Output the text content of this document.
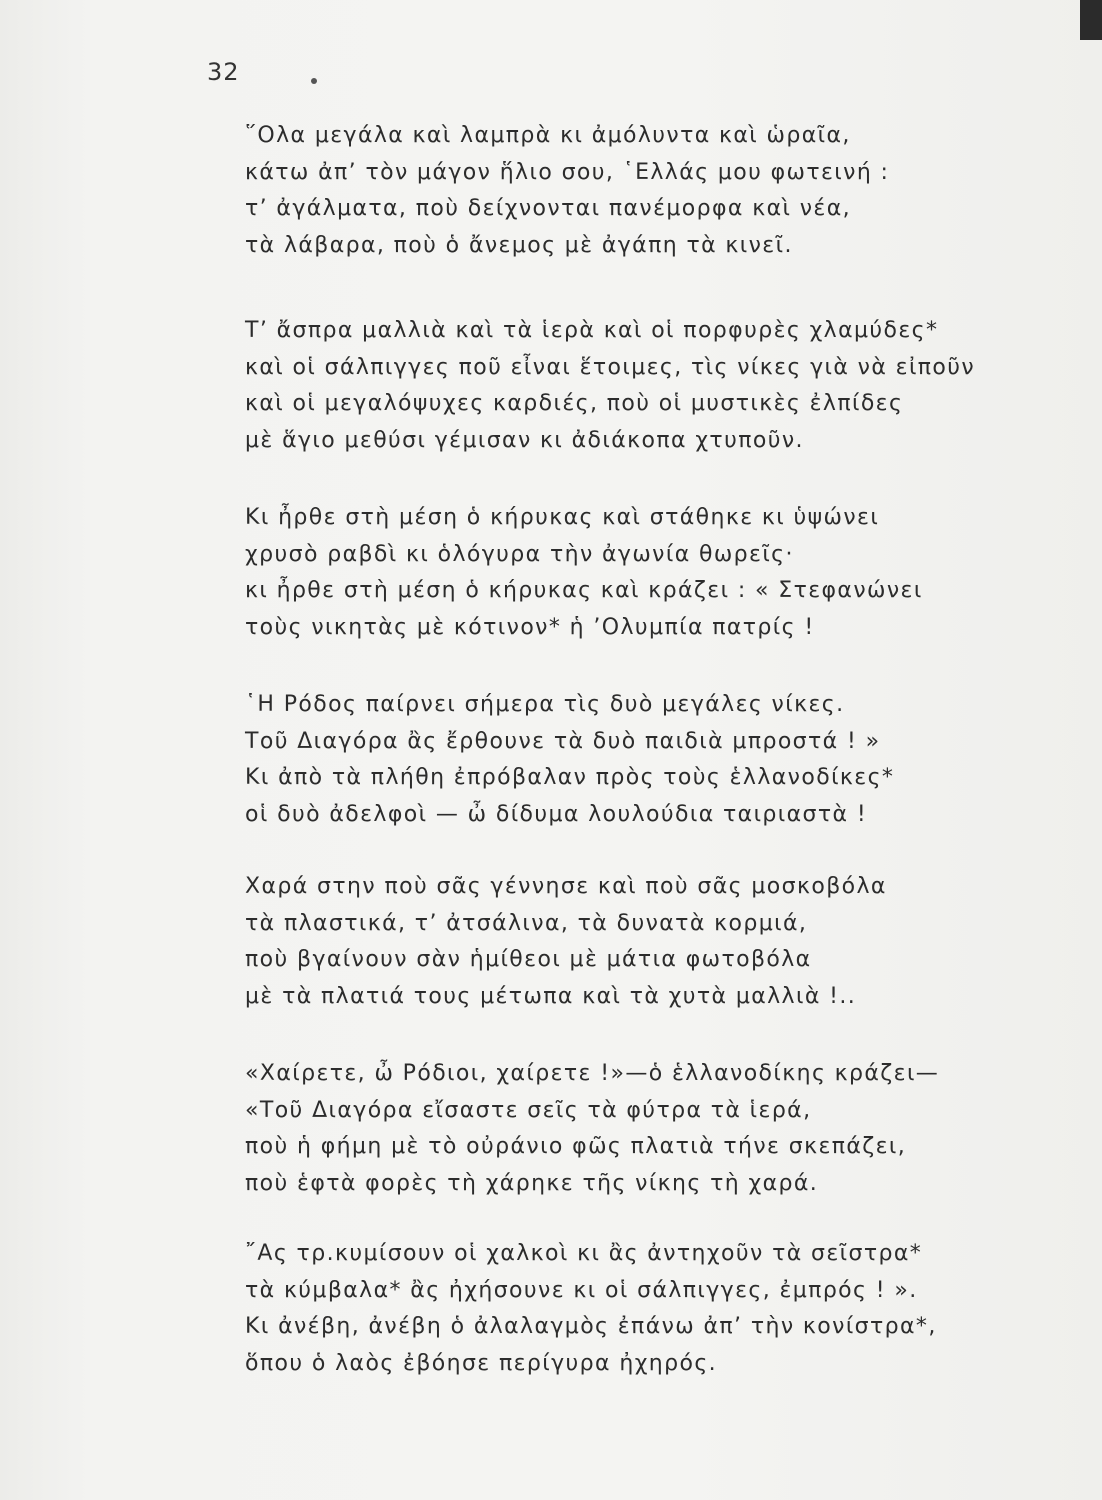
32
῞Ολα μεγάλα καὶ λαμπρὰ κι ἀμόλυντα καὶ ὡραῖα,
κάτω ἀπ’ τὸν μάγον ἥλιο σου, ῾Ελλάς μου φωτεινή :
τ’ ἀγάλματα, ποὺ δείχνονται πανέμορφα καὶ νέα,
τὰ λάβαρα, ποὺ ὁ ἄνεμος μὲ ἀγάπη τὰ κινεῖ.
Τ’ ἄσπρα μαλλιὰ καὶ τὰ ἱερὰ καὶ οἱ πορφυρὲς χλαμύδες*
καὶ οἱ σάλπιγγες ποῦ εἶναι ἕτοιμες, τὶς νίκες γιὰ νὰ εἰποῦν
καὶ οἱ μεγαλόψυχες καρδιές, ποὺ οἱ μυστικὲς ἐλπίδες
μὲ ἅγιο μεθύσι γέμισαν κι ἀδιάκοπα χτυποῦν.
Κι ἦρθε στὴ μέση ὁ κήρυκας καὶ στάθηκε κι ὑψώνει
χρυσὸ ραβδὶ κι ὁλόγυρα τὴν ἀγωνία θωρεῖς·
κι ἦρθε στὴ μέση ὁ κήρυκας καὶ κράζει : « Στεφανώνει
τοὺς νικητὰς μὲ κότινον* ἡ ’Ολυμπία πατρίς !
῾Η Ρόδος παίρνει σήμερα τὶς δυὸ μεγάλες νίκες.
Τοῦ Διαγόρα ἂς ἔρθουνε τὰ δυὸ παιδιὰ μπροστά ! »
Κι ἀπὸ τὰ πλήθη ἐπρόβαλαν πρὸς τοὺς ἑλλανοδίκες*
οἱ δυὸ ἀδελφοὶ — ὦ δίδυμα λουλούδια ταιριαστὰ !
Χαρά στην ποὺ σᾶς γέννησε καὶ ποὺ σᾶς μοσκοβόλα
τὰ πλαστικά, τ’ ἀτσάλινα, τὰ δυνατὰ κορμιά,
ποὺ βγαίνουν σὰν ἡμίθεοι μὲ μάτια φωτοβόλα
μὲ τὰ πλατιά τους μέτωπα καὶ τὰ χυτὰ μαλλιὰ !..
«Χαίρετε, ὦ Ρόδιοι, χαίρετε !»—ὁ ἑλλανοδίκης κράζει—
«Τοῦ Διαγόρα εἴσαστε σεῖς τὰ φύτρα τὰ ἱερά,
ποὺ ἡ φήμη μὲ τὸ οὐράνιο φῶς πλατιὰ τήνε σκεπάζει,
ποὺ ἑφτὰ φορὲς τὴ χάρηκε τῆς νίκης τὴ χαρά.
῎Ας τρ.κυμίσουν οἱ χαλκοὶ κι ἂς ἀντηχοῦν τὰ σεῖστρα*
τὰ κύμβαλα* ἂς ἠχήσουνε κι οἱ σάλπιγγες, ἐμπρός ! ».
Κι ἀνέβη, ἀνέβη ὁ ἀλαλαγμὸς ἐπάνω ἀπ’ τὴν κονίστρα*,
ὅπου ὁ λαὸς ἐβόησε περίγυρα ἠχηρός.
